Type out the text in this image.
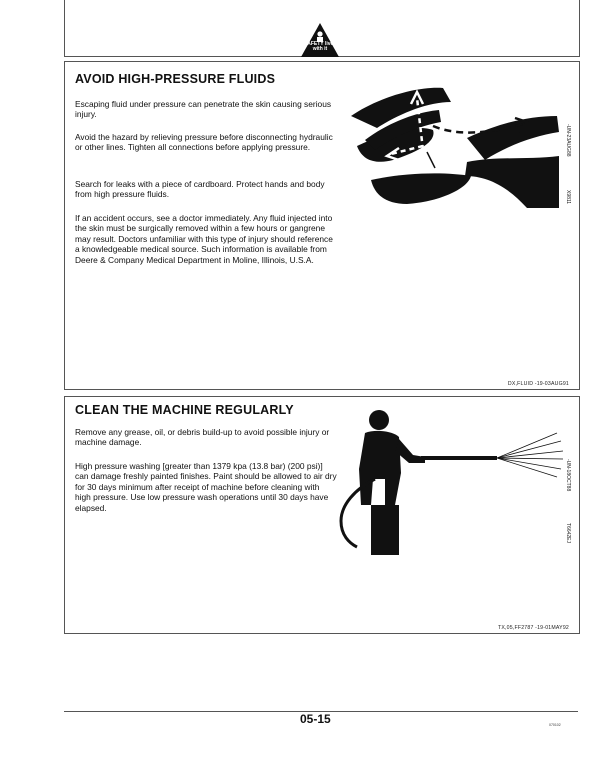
SAFETY lives with it
AVOID HIGH-PRESSURE FLUIDS

Escaping fluid under pressure can penetrate the skin causing serious injury.

Avoid the hazard by relieving pressure before disconnecting hydraulic or other lines. Tighten all connections before applying pressure.

Search for leaks with a piece of cardboard. Protect hands and body from high pressure fluids.

If an accident occurs, see a doctor immediately. Any fluid injected into the skin must be surgically removed within a few hours or gangrene may result. Doctors unfamiliar with this type of injury should reference a knowledgeable medical source. Such information is available from Deere & Company Medical Department in Moline, Illinois, U.S.A.

-UN-23AUG88
X9811
DX,FLUID -19-03AUG91
CLEAN THE MACHINE REGULARLY

Remove any grease, oil, or debris build-up to avoid possible injury or machine damage.

High pressure washing [greater than 1379 kpa (13.8 bar) (200 psi)] can damage freshly painted finishes. Paint should be allowed to air dry for 30 days minimum after receipt of machine before cleaning with high pressure. Use low pressure wash operations until 30 days have elapsed.

-UN-18OCT88
T6642EJ
TX,05,FF2787 -19-01MAY92
05-15	070102
